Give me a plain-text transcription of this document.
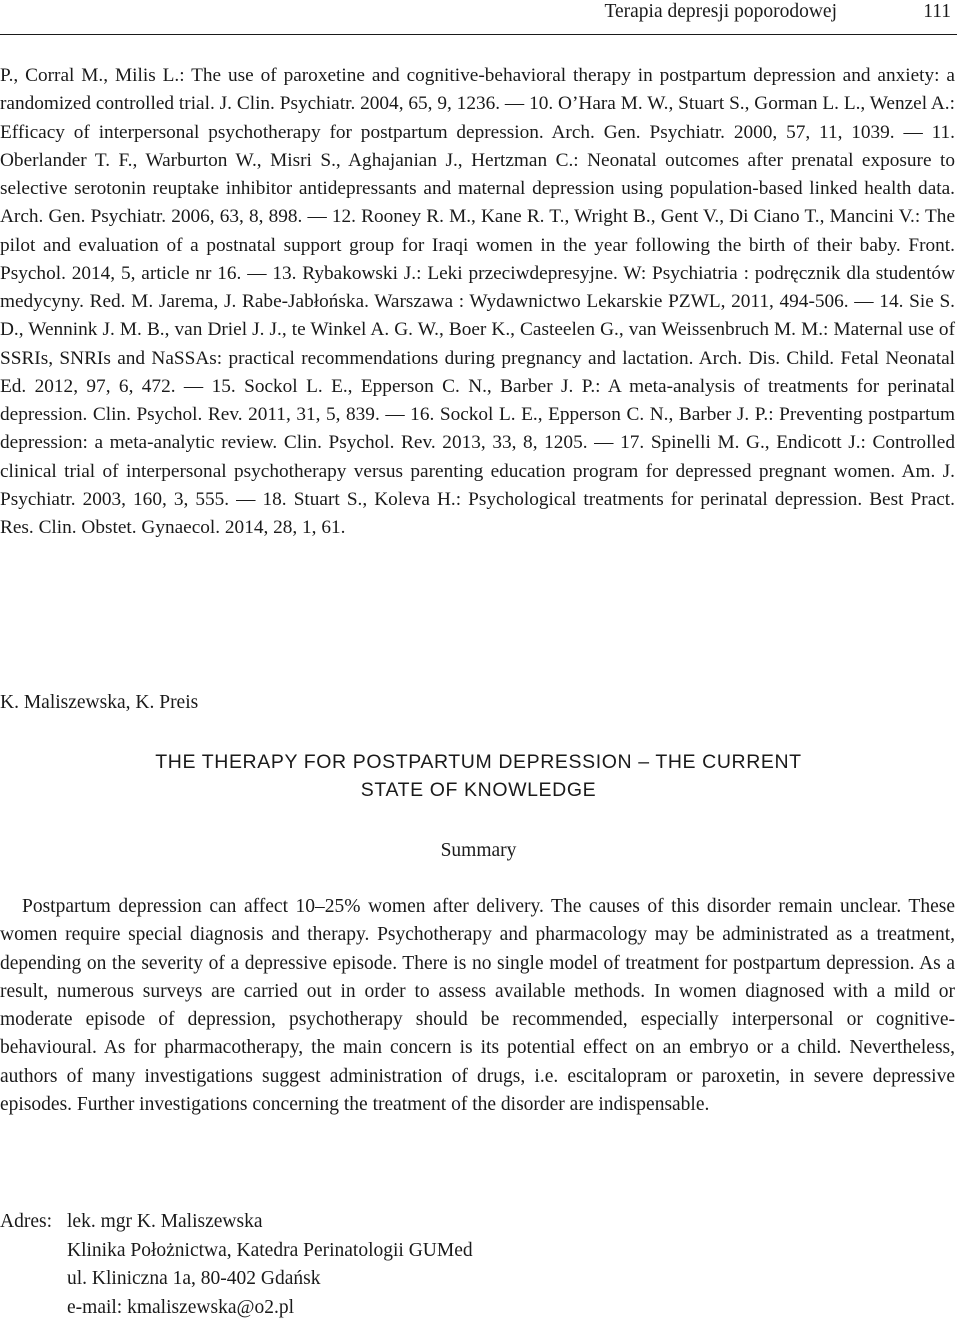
Terapia depresji poporodowej	111

P., Corral M., Milis L.: The use of paroxetine and cognitive-behavioral therapy in postpartum depression and anxiety: a randomized controlled trial. J. Clin. Psychiatr. 2004, 65, 9, 1236. — 10. O’Hara M. W., Stuart S., Gorman L. L., Wenzel A.: Efficacy of interpersonal psychotherapy for postpartum depression. Arch. Gen. Psychiatr. 2000, 57, 11, 1039. — 11. Oberlander T. F., Warburton W., Misri S., Aghajanian J., Hertzman C.: Neonatal outcomes after prenatal exposure to selective serotonin reuptake inhibitor antidepressants and maternal depression using population-based linked health data. Arch. Gen. Psychiatr. 2006, 63, 8, 898. — 12. Rooney R. M., Kane R. T., Wright B., Gent V., Di Ciano T., Mancini V.: The pilot and evaluation of a postnatal support group for Iraqi women in the year following the birth of their baby. Front. Psychol. 2014, 5, article nr 16. — 13. Rybakowski J.: Leki przeciwdepresyjne. W: Psychiatria : podręcznik dla studentów medycyny. Red. M. Jarema, J. Rabe-Jabłońska. Warszawa : Wydawnictwo Lekarskie PZWL, 2011, 494-506. — 14. Sie S. D., Wennink J. M. B., van Driel J. J., te Winkel A. G. W., Boer K., Casteelen G., van Weissenbruch M. M.: Maternal use of SSRIs, SNRIs and NaSSAs: practical recommendations during pregnancy and lactation. Arch. Dis. Child. Fetal Neonatal Ed. 2012, 97, 6, 472. — 15. Sockol L. E., Epperson C. N., Barber J. P.: A meta-analysis of treatments for perinatal depression. Clin. Psychol. Rev. 2011, 31, 5, 839. — 16. Sockol L. E., Epperson C. N., Barber J. P.: Preventing postpartum depression: a meta-analytic review. Clin. Psychol. Rev. 2013, 33, 8, 1205. — 17. Spinelli M. G., Endicott J.: Controlled clinical trial of interpersonal psychotherapy versus parenting education program for depressed pregnant women. Am. J. Psychiatr. 2003, 160, 3, 555. — 18. Stuart S., Koleva H.: Psychological treatments for perinatal depression. Best Pract. Res. Clin. Obstet. Gynaecol. 2014, 28, 1, 61.

K. Maliszewska, K. Preis

THE THERAPY FOR POSTPARTUM DEPRESSION – THE CURRENT
STATE OF KNOWLEDGE
Summary

Postpartum depression can affect 10–25% women after delivery. The causes of this disorder remain unclear. These women require special diagnosis and therapy. Psychotherapy and pharmacology may be administrated as a treatment, depending on the severity of a depressive episode. There is no single model of treatment for postpartum depression. As a result, numerous surveys are carried out in order to assess available methods. In women diagnosed with a mild or moderate episode of depression, psychotherapy should be recommended, especially interpersonal or cognitive-behavioural. As for pharmacotherapy, the main concern is its potential effect on an embryo or a child. Nevertheless, authors of many investigations suggest administration of drugs, i.e. escitalopram or paroxetin, in severe depressive episodes. Further investigations concerning the treatment of the disorder are indispensable.

Adres: lek. mgr K. Maliszewska
Klinika Położnictwa, Katedra Perinatologii GUMed
ul. Kliniczna 1a, 80-402 Gdańsk
e-mail: kmaliszewska@o2.pl
